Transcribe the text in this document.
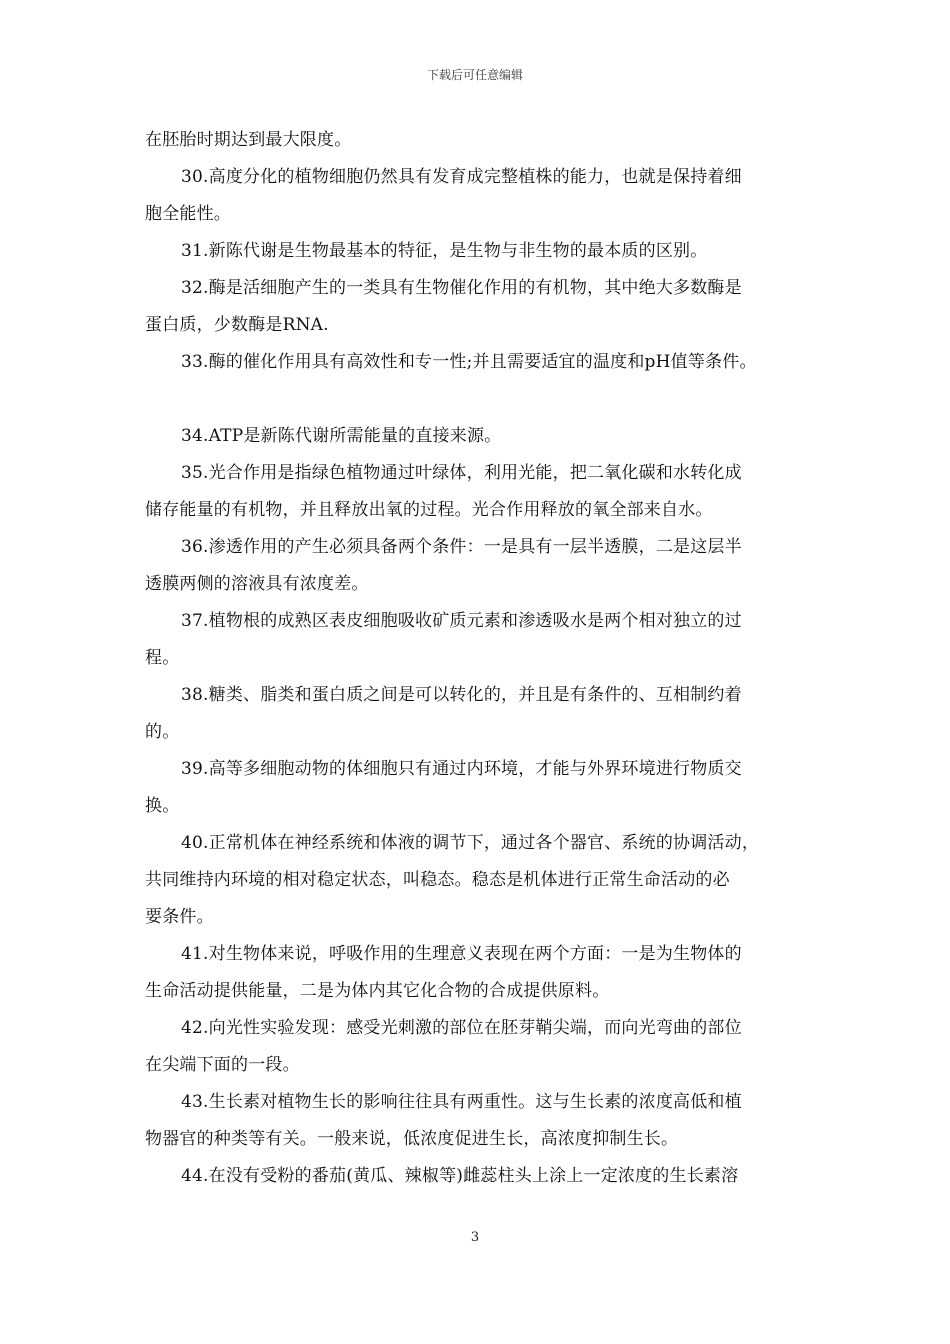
下载后可任意编辑
在胚胎时期达到最大限度。
30.高度分化的植物细胞仍然具有发育成完整植株的能力，也就是保持着细
胞全能性。
31.新陈代谢是生物最基本的特征，是生物与非生物的最本质的区别。
32.酶是活细胞产生的一类具有生物催化作用的有机物，其中绝大多数酶是
蛋白质，少数酶是RNA.
33.酶的催化作用具有高效性和专一性;并且需要适宜的温度和pH值等条件。
34.ATP是新陈代谢所需能量的直接来源。
35.光合作用是指绿色植物通过叶绿体，利用光能，把二氧化碳和水转化成
储存能量的有机物，并且释放出氧的过程。光合作用释放的氧全部来自水。
36.渗透作用的产生必须具备两个条件：一是具有一层半透膜，二是这层半
透膜两侧的溶液具有浓度差。
37.植物根的成熟区表皮细胞吸收矿质元素和渗透吸水是两个相对独立的过
程。
38.糖类、脂类和蛋白质之间是可以转化的，并且是有条件的、互相制约着
的。
39.高等多细胞动物的体细胞只有通过内环境，才能与外界环境进行物质交
换。
40.正常机体在神经系统和体液的调节下，通过各个器官、系统的协调活动，
共同维持内环境的相对稳定状态，叫稳态。稳态是机体进行正常生命活动的必
要条件。
41.对生物体来说，呼吸作用的生理意义表现在两个方面：一是为生物体的
生命活动提供能量，二是为体内其它化合物的合成提供原料。
42.向光性实验发现：感受光刺激的部位在胚芽鞘尖端，而向光弯曲的部位
在尖端下面的一段。
43.生长素对植物生长的影响往往具有两重性。这与生长素的浓度高低和植
物器官的种类等有关。一般来说，低浓度促进生长，高浓度抑制生长。
44.在没有受粉的番茄(黄瓜、辣椒等)雌蕊柱头上涂上一定浓度的生长素溶
3
